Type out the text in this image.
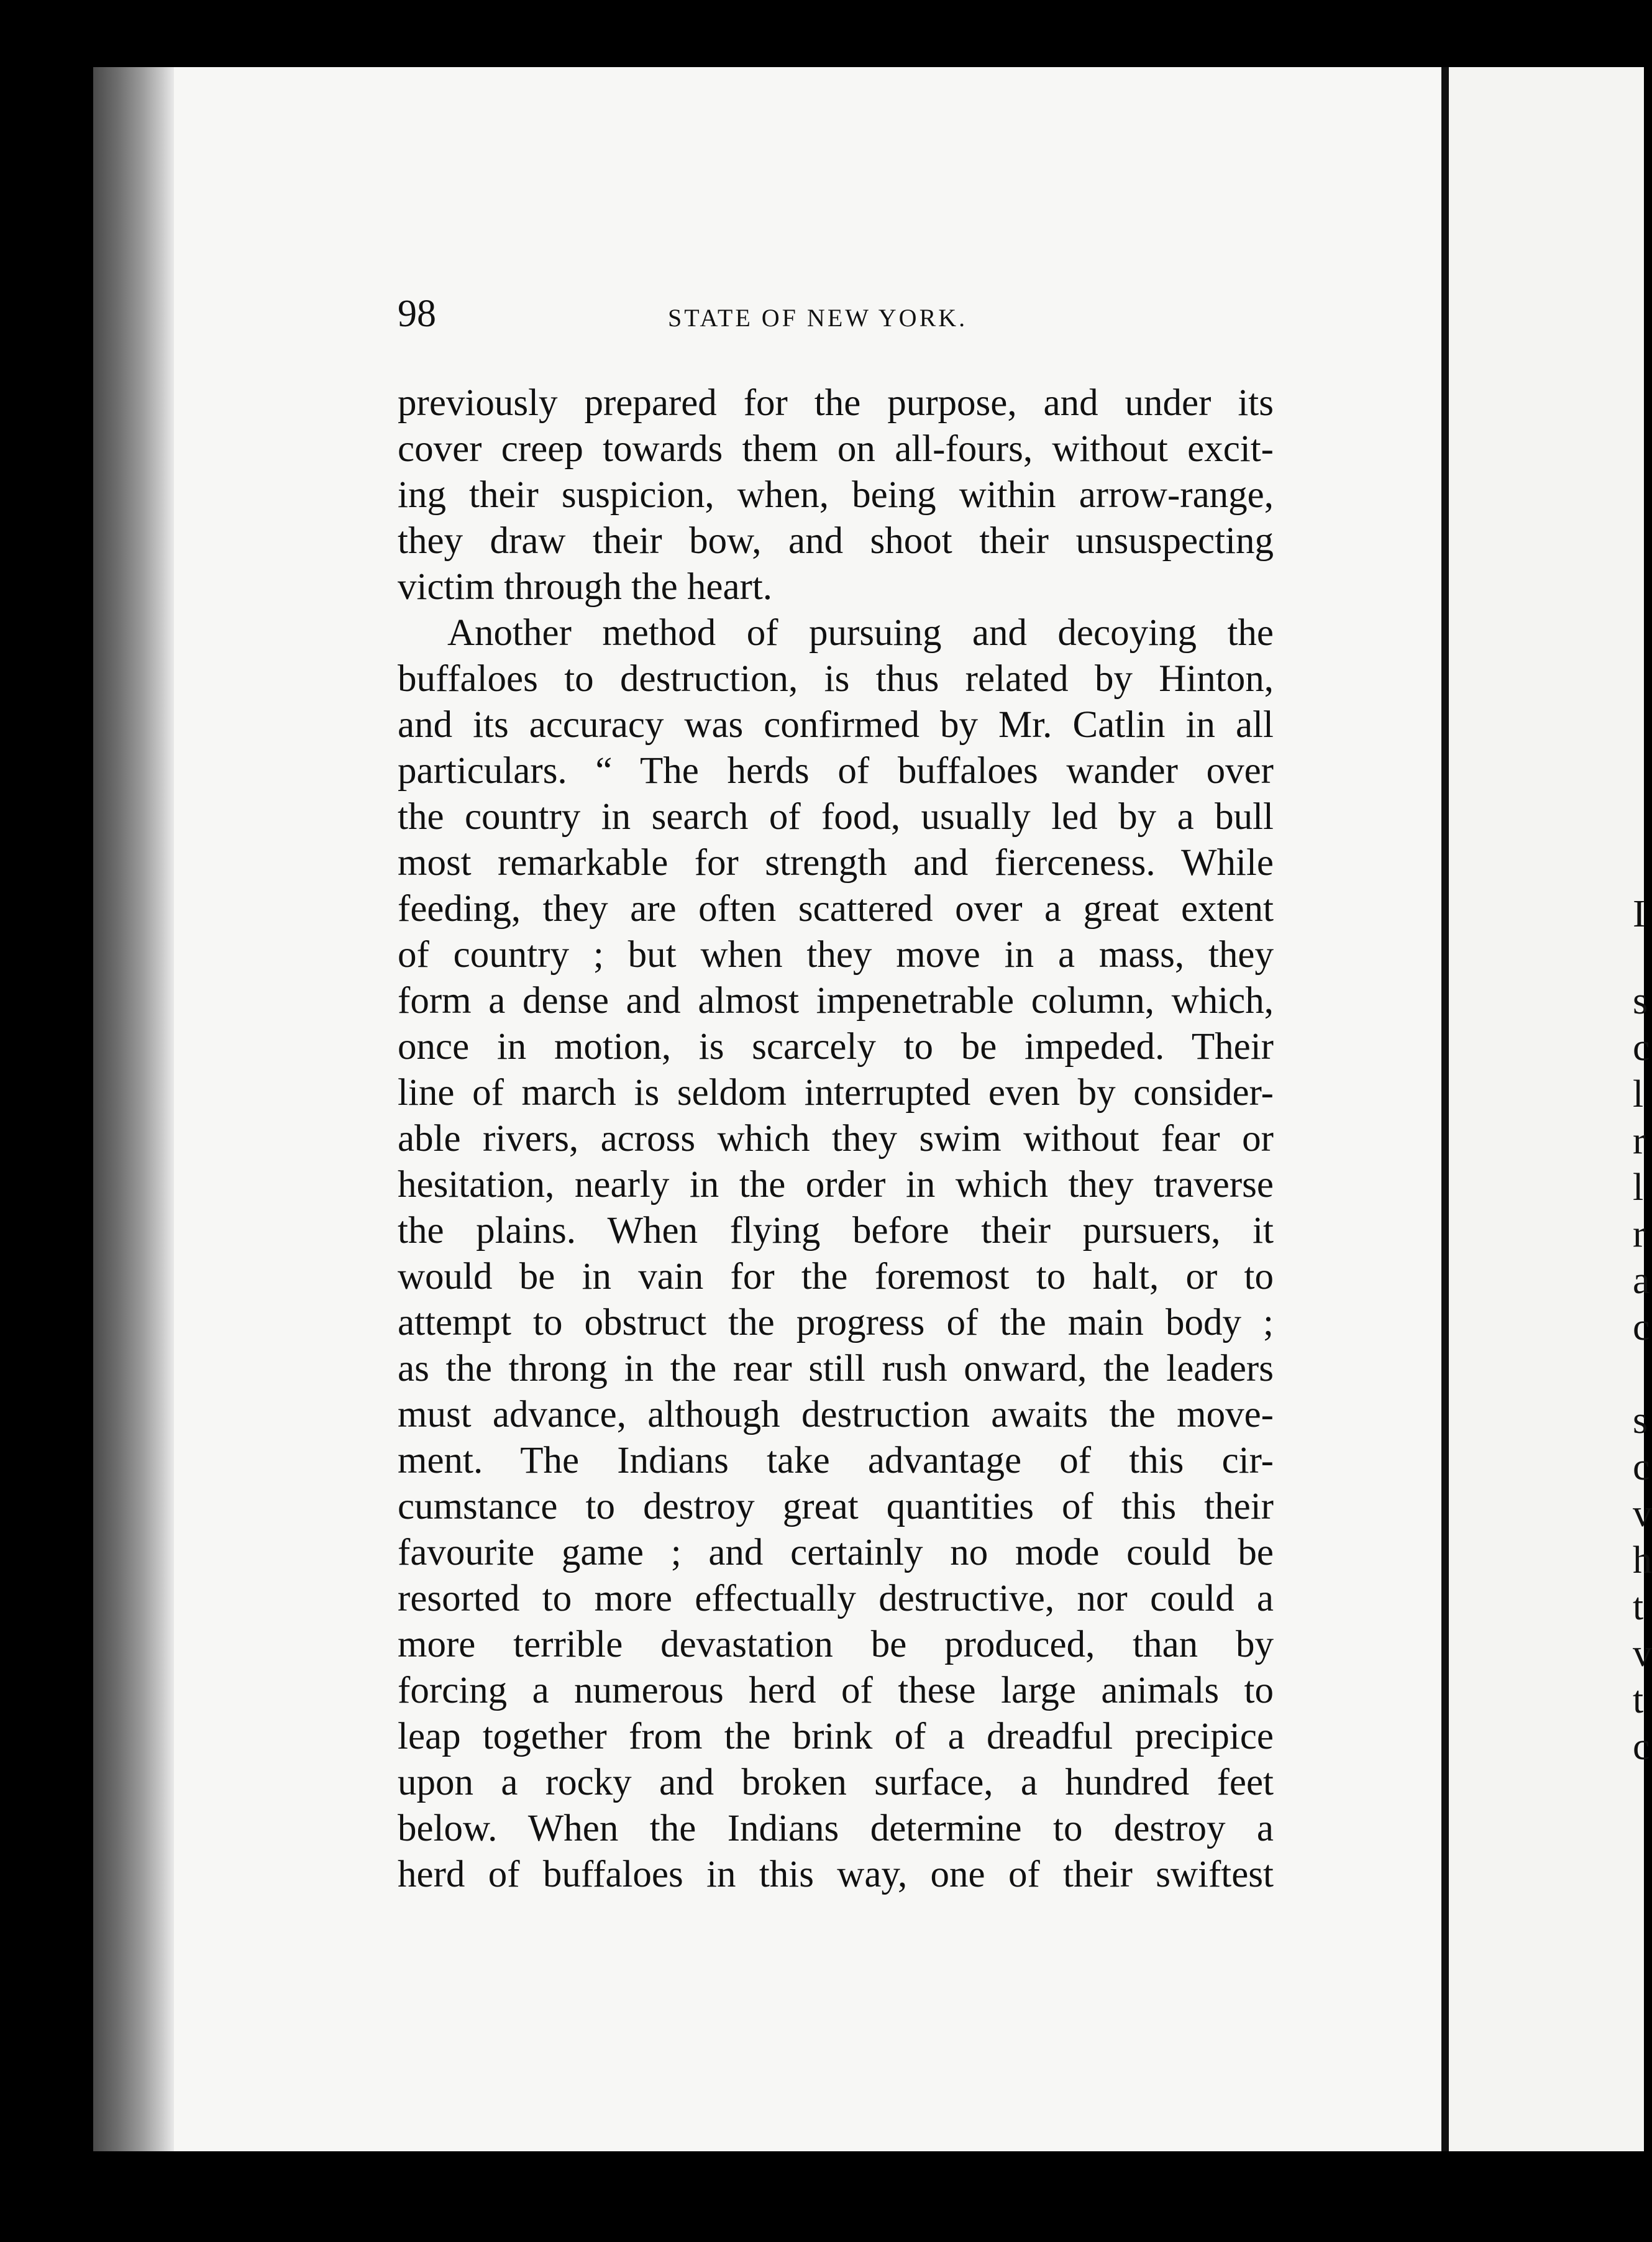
98	STATE OF NEW YORK.
previously prepared for the purpose, and under its
cover creep towards them on all-fours, without excit-
ing their suspicion, when, being within arrow-range,
they draw their bow, and shoot their unsuspecting
victim through the heart.
Another method of pursuing and decoying the
buffaloes to destruction, is thus related by Hinton,
and its accuracy was confirmed by Mr. Catlin in all
particulars. “ The herds of buffaloes wander over
the country in search of food, usually led by a bull
most remarkable for strength and fierceness. While
feeding, they are often scattered over a great extent
of country ; but when they move in a mass, they
form a dense and almost impenetrable column, which,
once in motion, is scarcely to be impeded. Their
line of march is seldom interrupted even by consider-
able rivers, across which they swim without fear or
hesitation, nearly in the order in which they traverse
the plains. When flying before their pursuers, it
would be in vain for the foremost to halt, or to
attempt to obstruct the progress of the main body ;
as the throng in the rear still rush onward, the leaders
must advance, although destruction awaits the move-
ment. The Indians take advantage of this cir-
cumstance to destroy great quantities of this their
favourite game ; and certainly no mode could be
resorted to more effectually destructive, nor could a
more terrible devastation be produced, than by
forcing a numerous herd of these large animals to
leap together from the brink of a dreadful precipice
upon a rocky and broken surface, a hundred feet
below. When the Indians determine to destroy a
herd of buffaloes in this way, one of their swiftest
I
s
c
l
r
l
r
a
c
s
c
v
h
t
v
t
c
